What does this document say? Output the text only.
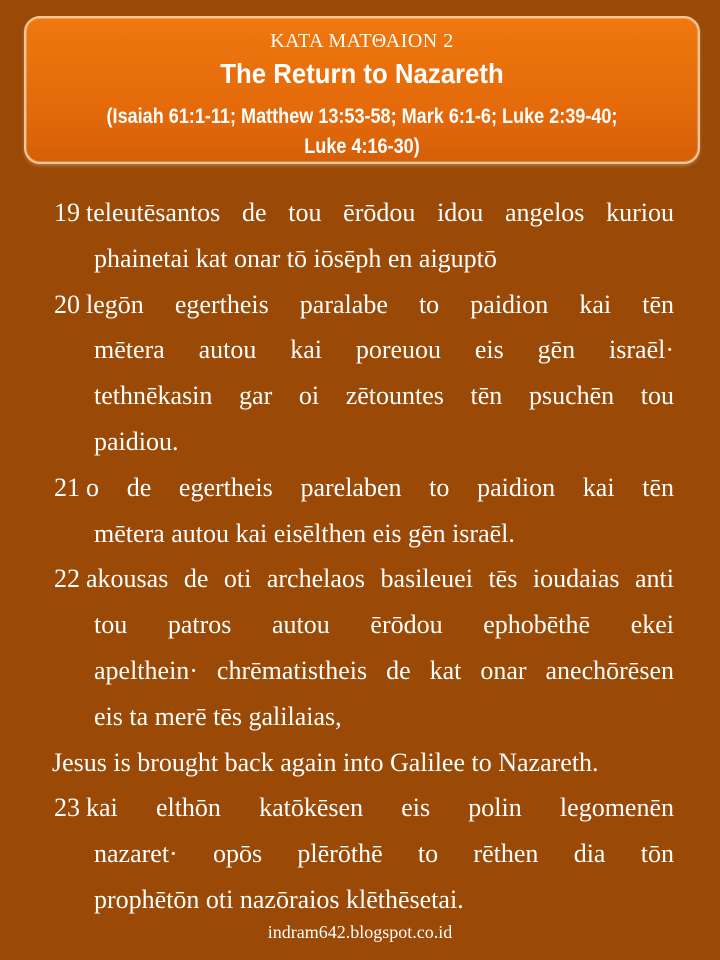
ΚΑΤΑ ΜΑΤΘΑΙΟΝ 2
The Return to Nazareth
(Isaiah 61:1-11; Matthew 13:53-58; Mark 6:1-6; Luke 2:39-40;
Luke 4:16-30)
19 teleutēsantos de tou ērōdou idou angelos kuriou
phainetai kat onar tō iōsēph en aiguptō
20 legōn egertheis paralabe to paidion kai tēn
mētera autou kai poreuou eis gēn israēl·
tethnēkasin gar oi zētountes tēn psuchēn tou
paidiou.
21 o de egertheis parelaben to paidion kai tēn
mētera autou kai eisēlthen eis gēn israēl.
22 akousas de oti archelaos basileuei tēs ioudaias anti
tou patros autou ērōdou ephobēthē ekei
apelthein· chrēmatistheis de kat onar anechōrēsen
eis ta merē tēs galilaias,
Jesus is brought back again into Galilee to Nazareth.
23 kai elthōn katōkēsen eis polin legomenēn
nazaret· opōs plērōthē to rēthen dia tōn
prophētōn oti nazōraios klēthēsetai.
indram642.blogspot.co.id
